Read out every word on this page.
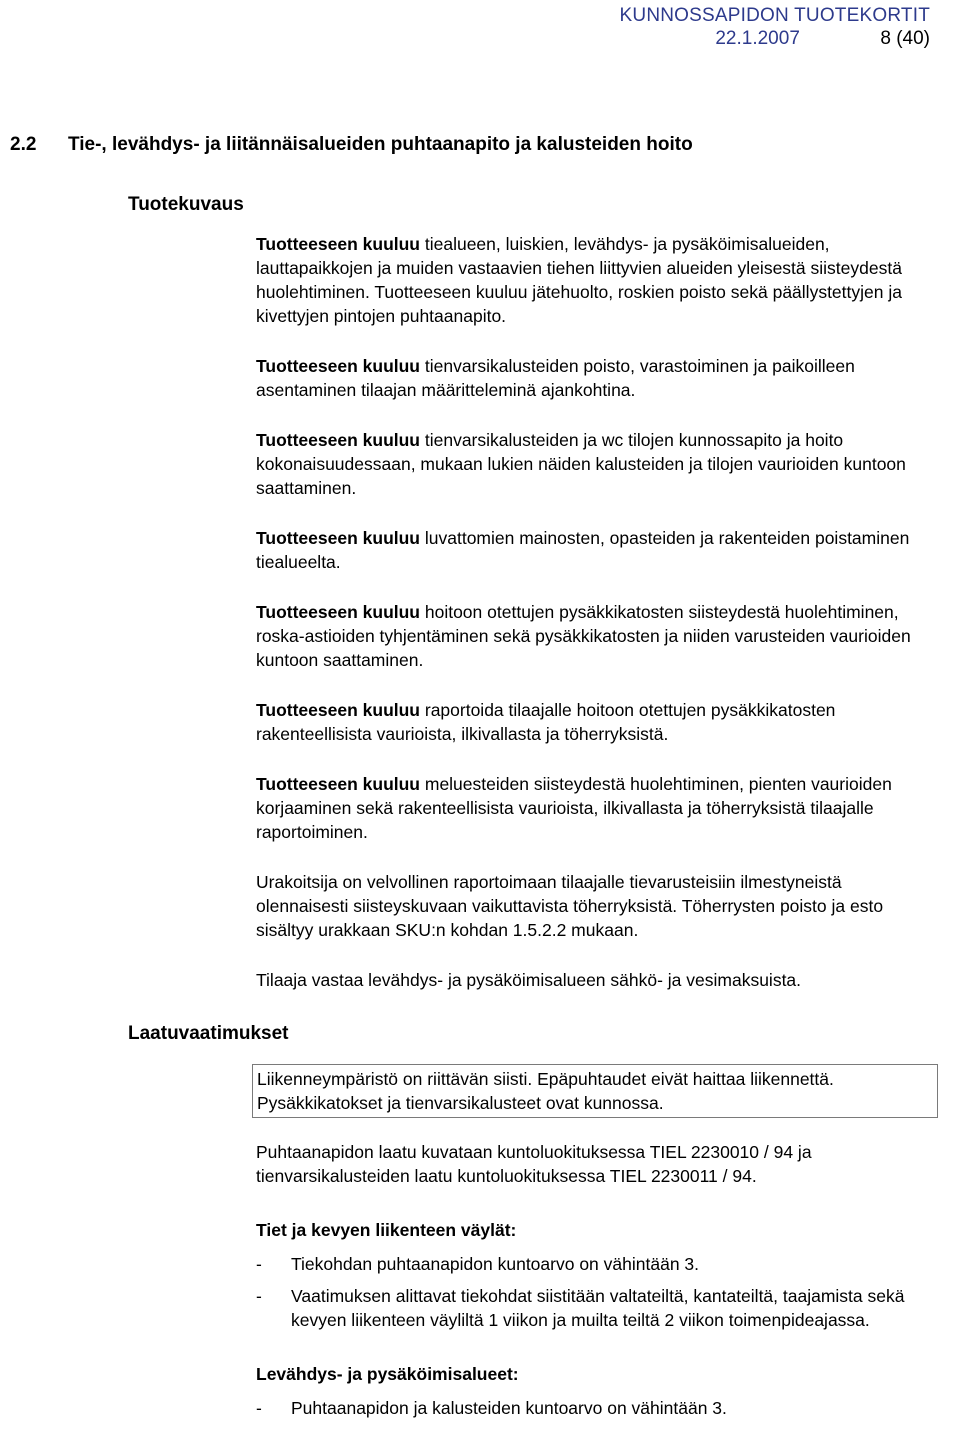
KUNNOSSAPIDON TUOTEKORTIT
22.1.2007	8 (40)
2.2 Tie-, levähdys- ja liitännäisalueiden puhtaanapito ja kalusteiden hoito
Tuotekuvaus
Laatuvaatimukset

Tuotteeseen kuuluu tiealueen, luiskien, levähdys- ja pysäköimisalueiden, lauttapaikkojen ja muiden vastaavien tiehen liittyvien alueiden yleisestä siisteydestä huolehtiminen. Tuotteeseen kuuluu jätehuolto, roskien poisto sekä päällystettyjen ja kivettyjen pintojen puhtaanapito.

Tuotteeseen kuuluu tienvarsikalusteiden poisto, varastoiminen ja paikoilleen asentaminen tilaajan määrittelеminä ajankohtina.

Tuotteeseen kuuluu tienvarsikalusteiden ja wc tilojen kunnossapito ja hoito kokonaisuudessaan, mukaan lukien näiden kalusteiden ja tilojen vaurioiden kuntoon saattaminen.

Tuotteeseen kuuluu luvattomien mainosten, opasteiden ja rakenteiden poistaminen tiealueelta.

Tuotteeseen kuuluu hoitoon otettujen pysäkkikatosten siisteydestä huolehtiminen, roska-astioiden tyhjentäminen sekä pysäkkikatosten ja niiden varusteiden vaurioiden kuntoon saattaminen.

Tuotteeseen kuuluu raportoida tilaajalle hoitoon otettujen pysäkkikatosten rakenteellisista vaurioista, ilkivallasta ja töherryksistä.

Tuotteeseen kuuluu meluesteiden siisteydestä huolehtiminen, pienten vaurioiden korjaaminen sekä rakenteellisista vaurioista, ilkivallasta ja töherryksistä tilaajalle raportoiminen.

Urakoitsija on velvollinen raportoimaan tilaajalle tievarusteisiin ilmestyneistä olennaisesti siisteyskuvaan vaikuttavista töherryksistä. Töherrysten poisto ja esto sisältyy urakkaan SKU:n kohdan 1.5.2.2 mukaan.

Tilaaja vastaa levähdys- ja pysäköimisalueen sähkö- ja vesimaksuista.

Liikenneympäristö on riittävän siisti. Epäpuhtaudet eivät haittaa liikennettä. Pysäkkikatokset ja tienvarsikalusteet ovat kunnossa.

Puhtaanapidon laatu kuvataan kuntoluokituksessa TIEL 2230010 / 94 ja tienvarsikalusteiden laatu kuntoluokituksessa TIEL 2230011 / 94.

Tiet ja kevyen liikenteen väylät:
-	Tiekohdan puhtaanapidon kuntoarvo on vähintään 3.
-	Vaatimuksen alittavat tiekohdat siistitään valtateiltä, kantateiltä, taajamista sekä kevyen liikenteen väyliltä 1 viikon ja muilta teiltä 2 viikon toimenpideajassa.
Levähdys- ja pysäköimisalueet:
-	Puhtaanapidon ja kalusteiden kuntoarvo on vähintään 3.
